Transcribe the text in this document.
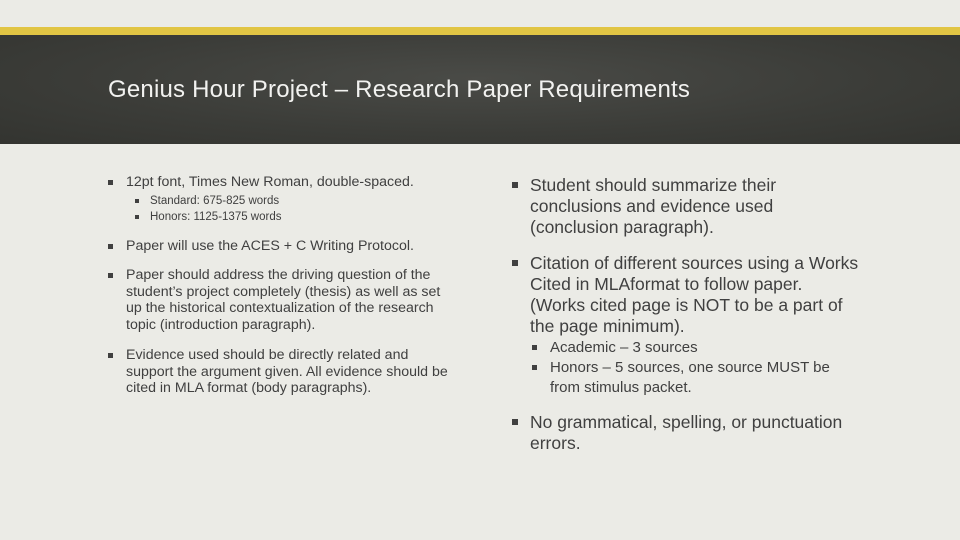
Genius Hour Project – Research Paper Requirements
12pt font, Times New Roman, double-spaced.
Standard: 675-825 words
Honors: 1125-1375 words
Paper will use the ACES + C Writing Protocol.
Paper should address the driving question of the student’s project completely (thesis) as well as set up the historical contextualization of the research topic (introduction paragraph).
Evidence used should be directly related and support the argument given. All evidence should be cited in MLA format (body paragraphs).
Student should summarize their conclusions and evidence used (conclusion paragraph).
Citation of different sources using a Works Cited in MLAformat to follow paper. (Works cited page is NOT to be a part of the page minimum).
Academic – 3 sources
Honors – 5 sources, one source MUST be from stimulus packet.
No grammatical, spelling, or punctuation errors.
